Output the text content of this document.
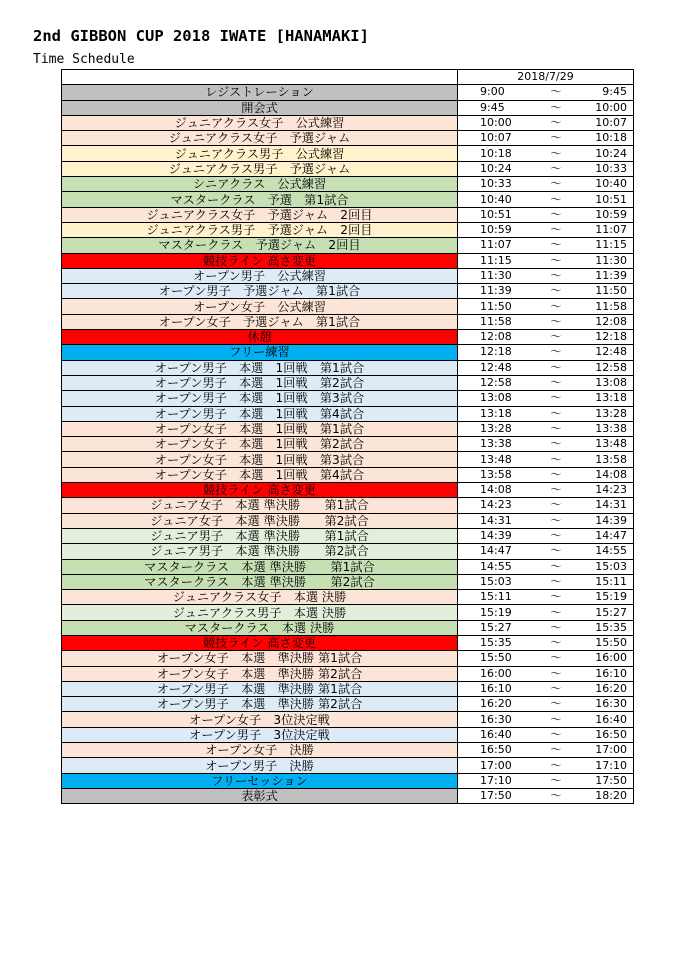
2nd GIBBON CUP 2018 IWATE [HANAMAKI]
Time Schedule
	2018/7/29
レジストレーション	9:00 ～ 9:45

開会式	9:45 ～ 10:00

ジュニアクラス女子　公式練習	10:00 ～ 10:07

ジュニアクラス女子　予選ジャム	10:07 ～ 10:18

ジュニアクラス男子　公式練習	10:18 ～ 10:24

ジュニアクラス男子　予選ジャム	10:24 ～ 10:33

シニアクラス　公式練習	10:33 ～ 10:40

マスタークラス　予選　第1試合	10:40 ～ 10:51

ジュニアクラス女子　予選ジャム　2回目	10:51 ～ 10:59

ジュニアクラス男子　予選ジャム　2回目	10:59 ～ 11:07

マスタークラス　予選ジャム　2回目	11:07 ～ 11:15

競技ライン 高さ変更	11:15 ～ 11:30

オープン男子　公式練習	11:30 ～ 11:39

オープン男子　予選ジャム　第1試合	11:39 ～ 11:50

オープン女子　公式練習	11:50 ～ 11:58

オープン女子　予選ジャム　第1試合	11:58 ～ 12:08

休憩	12:08 ～ 12:18

フリー練習	12:18 ～ 12:48

オープン男子　本選　1回戦　第1試合	12:48 ～ 12:58

オープン男子　本選　1回戦　第2試合	12:58 ～ 13:08

オープン男子　本選　1回戦　第3試合	13:08 ～ 13:18

オープン男子　本選　1回戦　第4試合	13:18 ～ 13:28

オープン女子　本選　1回戦　第1試合	13:28 ～ 13:38

オープン女子　本選　1回戦　第2試合	13:38 ～ 13:48

オープン女子　本選　1回戦　第3試合	13:48 ～ 13:58

オープン女子　本選　1回戦　第4試合	13:58 ～ 14:08

競技ライン 高さ変更	14:08 ～ 14:23

ジュニア女子　本選 準決勝　　第1試合	14:23 ～ 14:31

ジュニア女子　本選 準決勝　　第2試合	14:31 ～ 14:39

ジュニア男子　本選 準決勝　　第1試合	14:39 ～ 14:47

ジュニア男子　本選 準決勝　　第2試合	14:47 ～ 14:55

マスタークラス　本選 準決勝　　第1試合	14:55 ～ 15:03

マスタークラス　本選 準決勝　　第2試合	15:03 ～ 15:11

ジュニアクラス女子　本選 決勝	15:11 ～ 15:19

ジュニアクラス男子　本選 決勝	15:19 ～ 15:27

マスタークラス　本選 決勝	15:27 ～ 15:35

競技ライン 高さ変更	15:35 ～ 15:50

オープン女子　本選　準決勝 第1試合	15:50 ～ 16:00

オープン女子　本選　準決勝 第2試合	16:00 ～ 16:10

オープン男子　本選　準決勝 第1試合	16:10 ～ 16:20

オープン男子　本選　準決勝 第2試合	16:20 ～ 16:30

オープン女子　3位決定戦	16:30 ～ 16:40

オープン男子　3位決定戦	16:40 ～ 16:50

オープン女子　決勝	16:50 ～ 17:00

オープン男子　決勝	17:00 ～ 17:10

フリーセッション	17:10 ～ 17:50

表彰式	17:50 ～ 18:20
